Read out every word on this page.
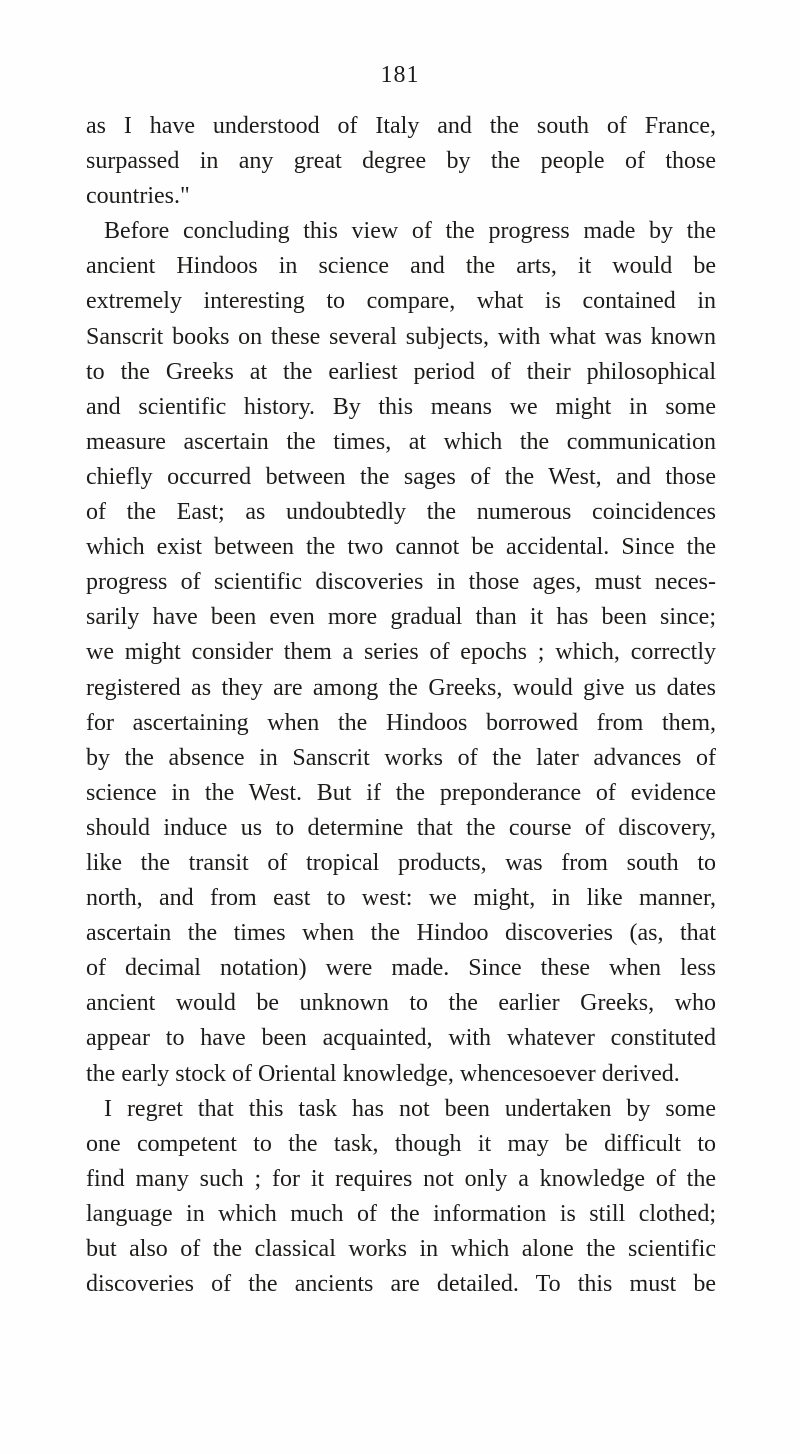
181
as I have understood of Italy and the south of France,
surpassed in any great degree by the people of those
countries."
Before concluding this view of the progress made by the
ancient Hindoos in science and the arts, it would be
extremely interesting to compare, what is contained in
Sanscrit books on these several subjects, with what was known
to the Greeks at the earliest period of their philosophical
and scientific history. By this means we might in some
measure ascertain the times, at which the communication
chiefly occurred between the sages of the West, and those
of the East; as undoubtedly the numerous coincidences
which exist between the two cannot be accidental. Since the
progress of scientific discoveries in those ages, must neces-
sarily have been even more gradual than it has been since;
we might consider them a series of epochs ; which, correctly
registered as they are among the Greeks, would give us dates
for ascertaining when the Hindoos borrowed from them,
by the absence in Sanscrit works of the later advances of
science in the West. But if the preponderance of evidence
should induce us to determine that the course of discovery,
like the transit of tropical products, was from south to
north, and from east to west: we might, in like manner,
ascertain the times when the Hindoo discoveries (as, that
of decimal notation) were made. Since these when less
ancient would be unknown to the earlier Greeks, who
appear to have been acquainted, with whatever constituted
the early stock of Oriental knowledge, whencesoever derived.
I regret that this task has not been undertaken by some
one competent to the task, though it may be difficult to
find many such ; for it requires not only a knowledge of the
language in which much of the information is still clothed;
but also of the classical works in which alone the scientific
discoveries of the ancients are detailed. To this must be
